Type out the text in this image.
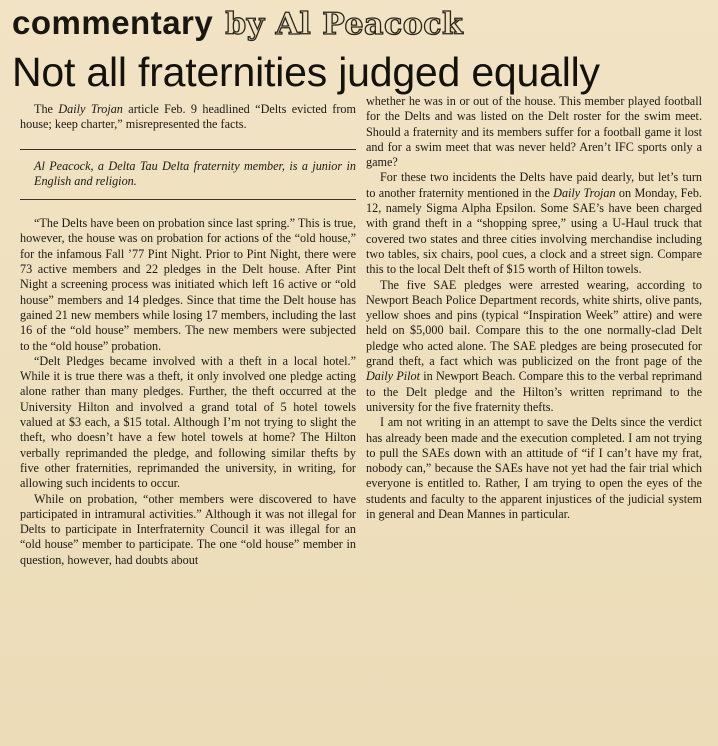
commentary by Al Peacock
Not all fraternities judged equally

The Daily Trojan article Feb. 9 headlined “Delts evicted from house; keep charter,” misrepresented the facts.

Al Peacock, a Delta Tau Delta fraternity member, is a junior in English and religion.

“The Delts have been on probation since last spring.” This is true, however, the house was on probation for actions of the “old house,” for the infamous Fall ’77 Pint Night. Prior to Pint Night, there were 73 active members and 22 pledges in the Delt house. After Pint Night a screening process was initiated which left 16 active or “old house” members and 14 pledges. Since that time the Delt house has gained 21 new members while losing 17 members, including the last 16 of the “old house” members. The new members were subjected to the “old house” probation.

“Delt Pledges became involved with a theft in a local hotel.” While it is true there was a theft, it only involved one pledge acting alone rather than many pledges. Further, the theft occurred at the University Hilton and involved a grand total of 5 hotel towels valued at $3 each, a $15 total. Although I’m not trying to slight the theft, who doesn’t have a few hotel towels at home? The Hilton verbally reprimanded the pledge, and following similar thefts by five other fraternities, reprimanded the university, in writing, for allowing such incidents to occur.

While on probation, “other members were discovered to have participated in intramural activities.” Although it was not illegal for Delts to participate in Interfraternity Council it was illegal for an “old house” member to participate. The one “old house” member in question, however, had doubts about

whether he was in or out of the house. This member played football for the Delts and was listed on the Delt roster for the swim meet. Should a fraternity and its members suffer for a football game it lost and for a swim meet that was never held? Aren’t IFC sports only a game?

For these two incidents the Delts have paid dearly, but let’s turn to another fraternity mentioned in the Daily Trojan on Monday, Feb. 12, namely Sigma Alpha Epsilon. Some SAE’s have been charged with grand theft in a “shopping spree,” using a U-Haul truck that covered two states and three cities involving merchandise including two tables, six chairs, pool cues, a clock and a street sign. Compare this to the local Delt theft of $15 worth of Hilton towels.

The five SAE pledges were arrested wearing, according to Newport Beach Police Department records, white shirts, olive pants, yellow shoes and pins (typical “Inspiration Week” attire) and were held on $5,000 bail. Compare this to the one normally-clad Delt pledge who acted alone. The SAE pledges are being prosecuted for grand theft, a fact which was publicized on the front page of the Daily Pilot in Newport Beach. Compare this to the verbal reprimand to the Delt pledge and the Hilton’s written reprimand to the university for the five fraternity thefts.

I am not writing in an attempt to save the Delts since the verdict has already been made and the execution completed. I am not trying to pull the SAEs down with an attitude of “if I can’t have my frat, nobody can,” because the SAEs have not yet had the fair trial which everyone is entitled to. Rather, I am trying to open the eyes of the students and faculty to the apparent injustices of the judicial system in general and Dean Mannes in particular.
